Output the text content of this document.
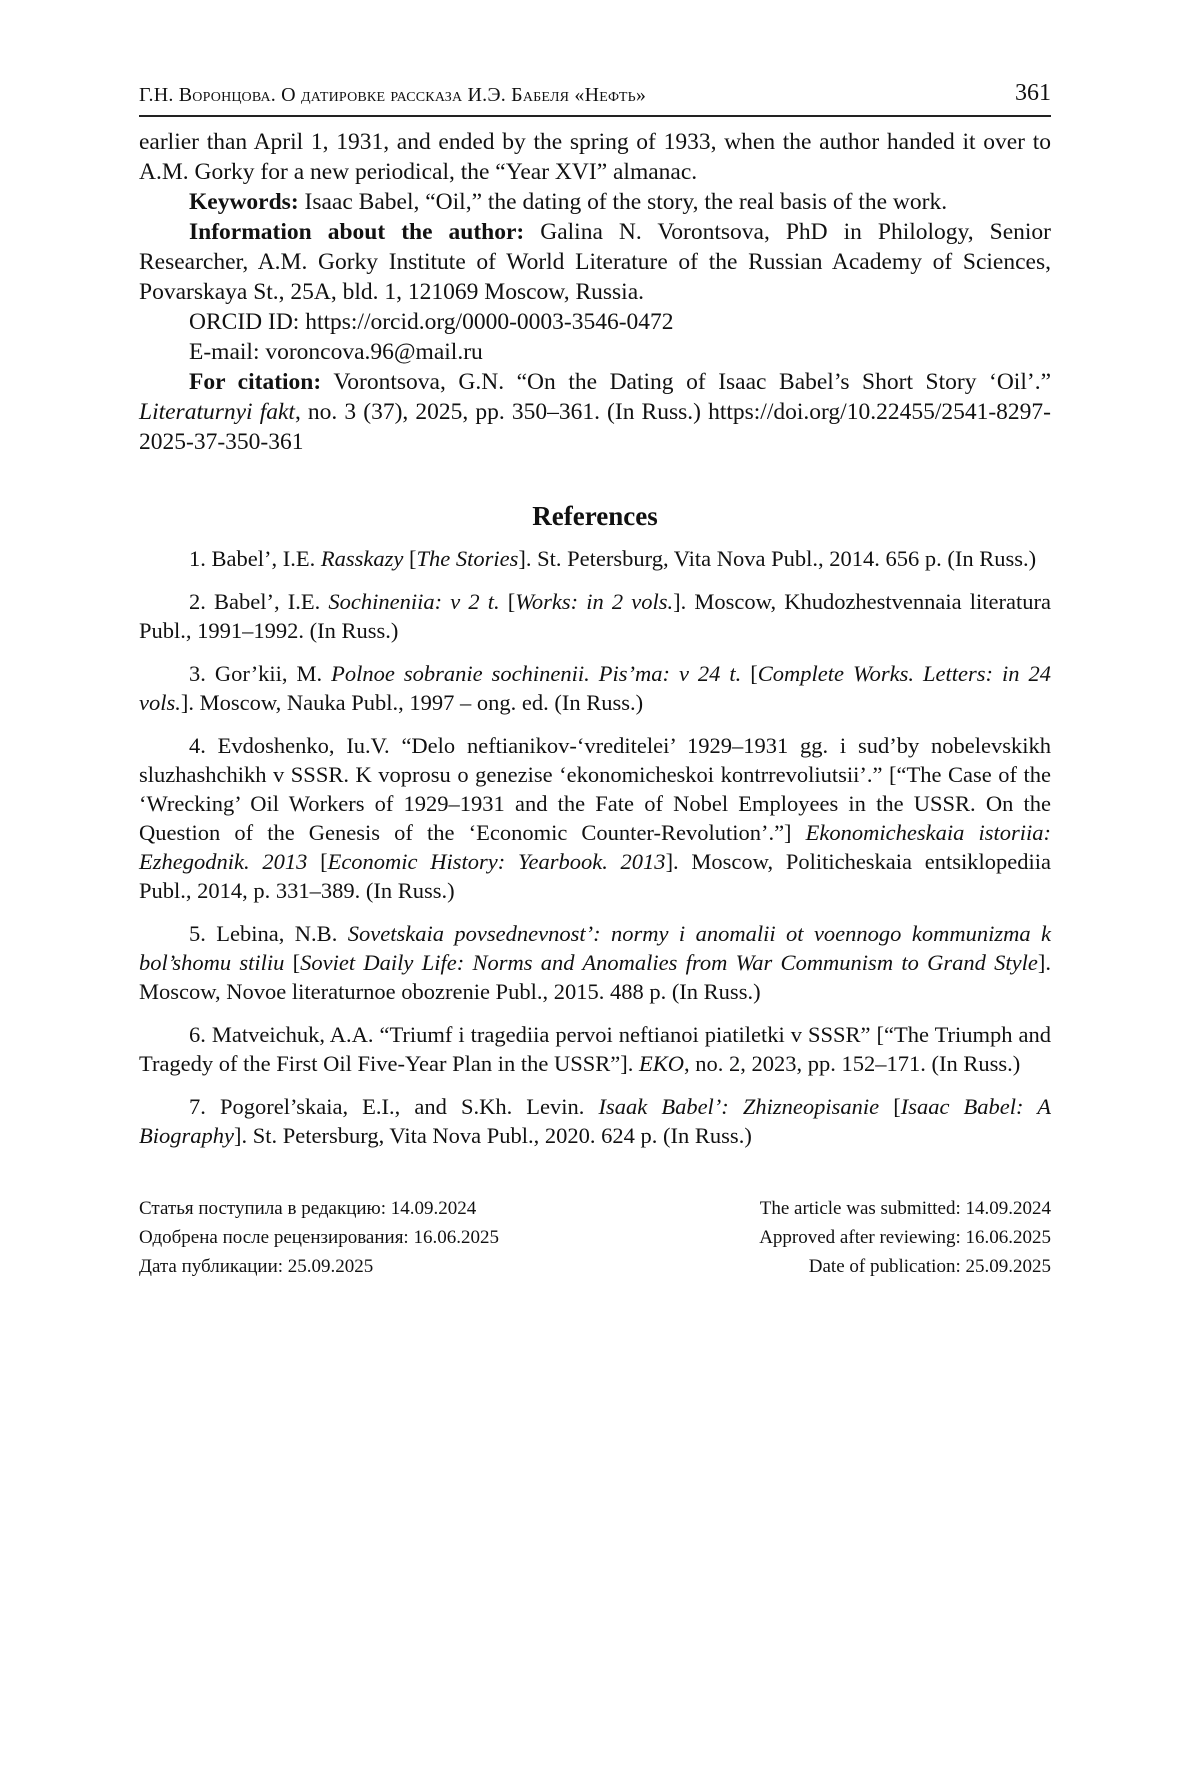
Г.Н. Воронцова. О датировке рассказа И.Э. Бабеля «Нефть»	361

earlier than April 1, 1931, and ended by the spring of 1933, when the author handed it over to A.M. Gorky for a new periodical, the “Year XVI” almanac.

Keywords: Isaac Babel, “Oil,” the dating of the story, the real basis of the work.

Information about the author: Galina N. Vorontsova, PhD in Philology, Senior Researcher, A.M. Gorky Institute of World Literature of the Russian Academy of Sciences, Povarskaya St., 25A, bld. 1, 121069 Moscow, Russia.

ORCID ID: https://orcid.org/0000-0003-3546-0472

E-mail: voroncova.96@mail.ru

For citation: Vorontsova, G.N. “On the Dating of Isaac Babel’s Short Story ‘Oil’.” Literaturnyi fakt, no. 3 (37), 2025, pp. 350–361. (In Russ.) https://doi.org/10.22455/2541-8297-2025-37-350-361

References

1. Babel’, I.E. Rasskazy [The Stories]. St. Petersburg, Vita Nova Publ., 2014. 656 p. (In Russ.)

2. Babel’, I.E. Sochineniia: v 2 t. [Works: in 2 vols.]. Moscow, Khudozhestvennaia literatura Publ., 1991–1992. (In Russ.)

3. Gor’kii, M. Polnoe sobranie sochinenii. Pis’ma: v 24 t. [Complete Works. Letters: in 24 vols.]. Moscow, Nauka Publ., 1997 – ong. ed. (In Russ.)

4. Evdoshenko, Iu.V. “Delo neftianikov-‘vreditelei’ 1929–1931 gg. i sud’by nobelevskikh sluzhashchikh v SSSR. K voprosu o genezise ‘ekonomicheskoi kontrrevoliutsii’.” [“The Case of the ‘Wrecking’ Oil Workers of 1929–1931 and the Fate of Nobel Employees in the USSR. On the Question of the Genesis of the ‘Economic Counter-Revolution’.”] Ekonomicheskaia istoriia: Ezhegodnik. 2013 [Economic History: Yearbook. 2013]. Moscow, Politicheskaia entsiklopediia Publ., 2014, p. 331–389. (In Russ.)

5. Lebina, N.B. Sovetskaia povsednevnost’: normy i anomalii ot voennogo kommunizma k bol’shomu stiliu [Soviet Daily Life: Norms and Anomalies from War Communism to Grand Style]. Moscow, Novoe literaturnoe obozrenie Publ., 2015. 488 p. (In Russ.)

6. Matveichuk, A.A. “Triumf i tragediia pervoi neftianoi piatiletki v SSSR” [“The Triumph and Tragedy of the First Oil Five-Year Plan in the USSR”]. EKO, no. 2, 2023, pp. 152–171. (In Russ.)

7. Pogorel’skaia, E.I., and S.Kh. Levin. Isaak Babel’: Zhizneopisanie [Isaac Babel: A Biography]. St. Petersburg, Vita Nova Publ., 2020. 624 p. (In Russ.)

Статья поступила в редакцию: 14.09.2024
Одобрена после рецензирования: 16.06.2025
Дата публикации: 25.09.2025
The article was submitted: 14.09.2024
Approved after reviewing: 16.06.2025
Date of publication: 25.09.2025
